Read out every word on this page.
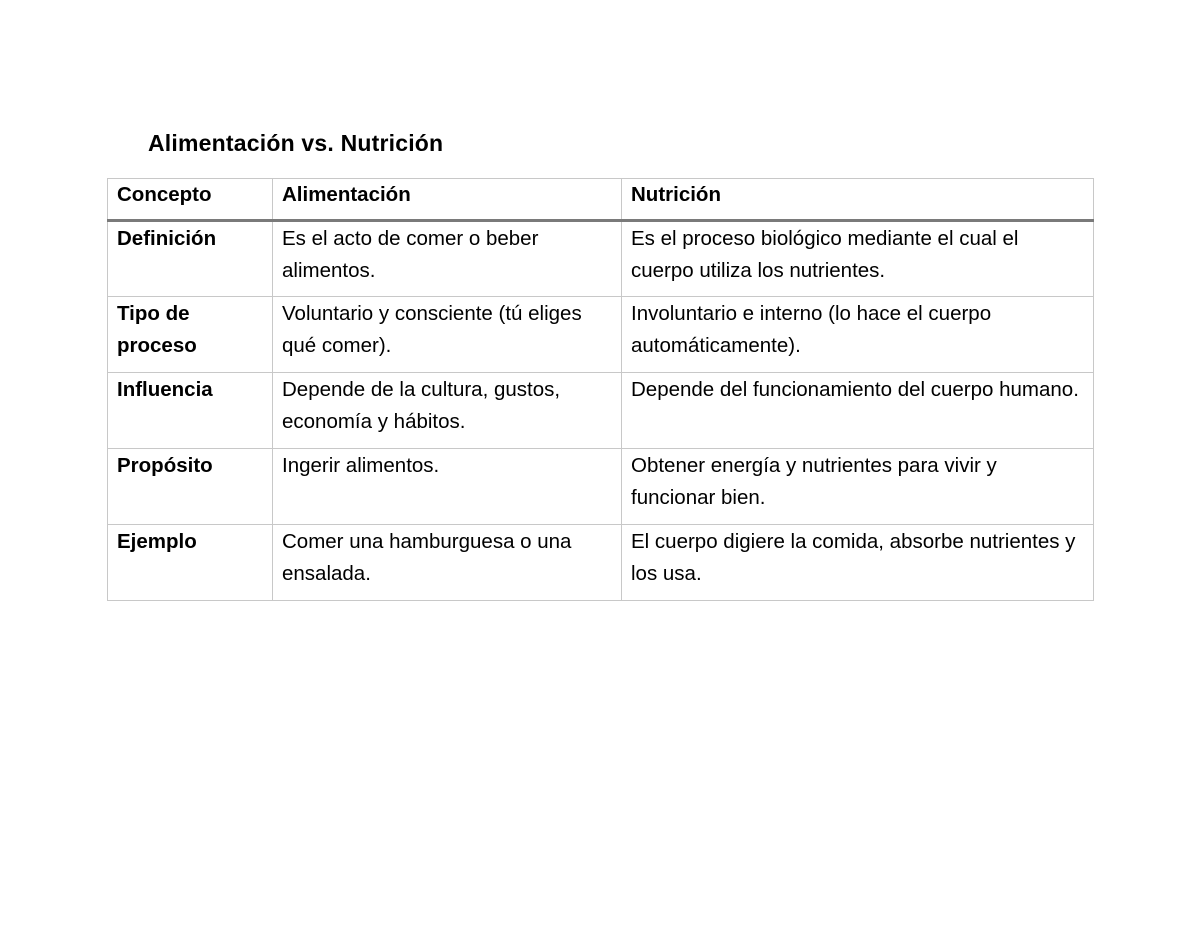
Alimentación vs. Nutrición
Concepto	Alimentación	Nutrición
Definición	Es el acto de comer o beber alimentos.	Es el proceso biológico mediante el cual el cuerpo utiliza los nutrientes.
Tipo de proceso	Voluntario y consciente (tú eliges qué comer).	Involuntario e interno (lo hace el cuerpo automáticamente).
Influencia	Depende de la cultura, gustos, economía y hábitos.	Depende del funcionamiento del cuerpo humano.
Propósito	Ingerir alimentos.	Obtener energía y nutrientes para vivir y funcionar bien.
Ejemplo	Comer una hamburguesa o una ensalada.	El cuerpo digiere la comida, absorbe nutrientes y los usa.
